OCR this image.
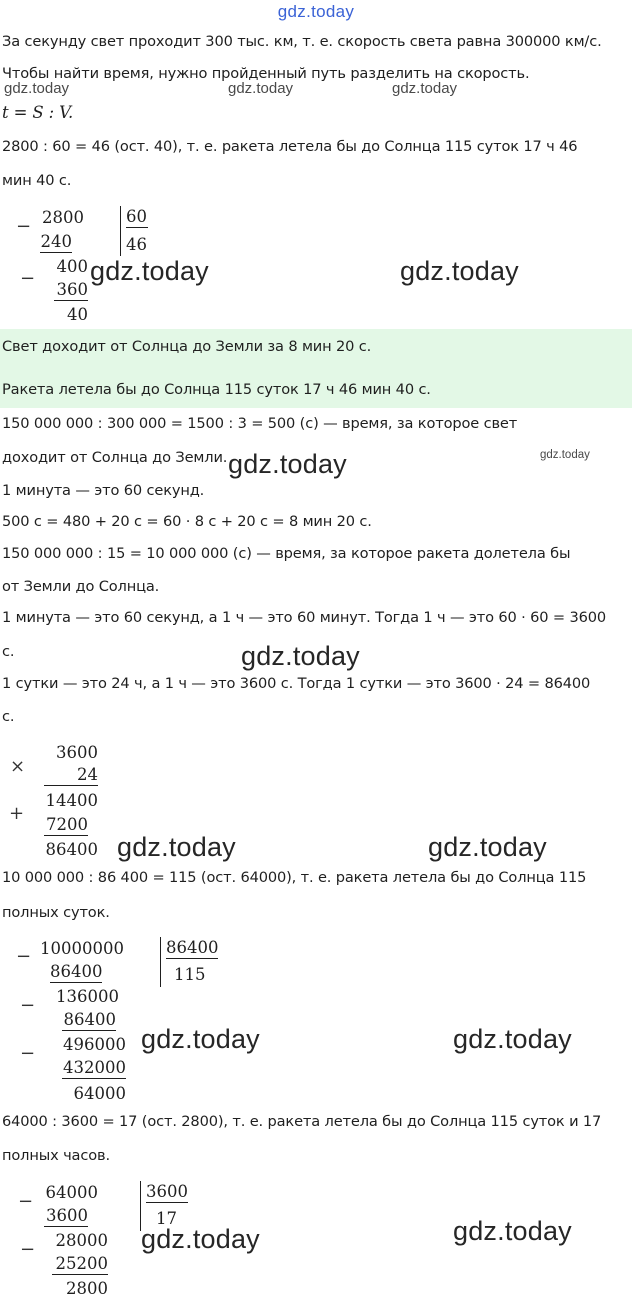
gdz.today
За секунду свет проходит 300 тыс. км, т. е. скорость света равна 300000 км/с.
Чтобы найти время, нужно пройденный путь разделить на скорость.
t = S : V.
2800 : 60 = 46 (ост. 40), т. е. ракета летела бы до Солнца 115 суток 17 ч 46
мин 40 с.
Свет доходит от Солнца до Земли за 8 мин 20 с.
Ракета летела бы до Солнца 115 суток 17 ч 46 мин 40 с.
150 000 000 : 300 000 = 1500 : 3 = 500 (с) — время, за которое свет
доходит от Солнца до Земли.
1 минута — это 60 секунд.
500 с = 480 + 20 с = 60 · 8 с + 20 с = 8 мин 20 с.
150 000 000 : 15 = 10 000 000 (с) — время, за которое ракета долетела бы
от Земли до Солнца.
1 минута — это 60 секунд, а 1 ч — это 60 минут. Тогда 1 ч — это 60 · 60 = 3600
с.
1 сутки — это 24 ч, а 1 ч — это 3600 с. Тогда 1 сутки — это 3600 · 24 = 86400
с.
10 000 000 : 86 400 = 115 (ост. 64000), т. е. ракета летела бы до Солнца 115
полных суток.
64000 : 3600 = 17 (ост. 2800), т. е. ракета летела бы до Солнца 115 суток и 17
полных часов.
−
−
2800
240
400
360
40
60
46
×
+
3600
24
14400
7200
86400
−
−
−
10000000
86400
136000
86400
496000
432000
64000
86400
115
−
−
64000
3600
28000
25200
2800
3600
17
gdz.today	gdz.today	gdz.today
gdz.today	gdz.today
gdz.today
gdz.today
gdz.today
gdz.today	gdz.today
gdz.today	gdz.today
gdz.today	gdz.today
